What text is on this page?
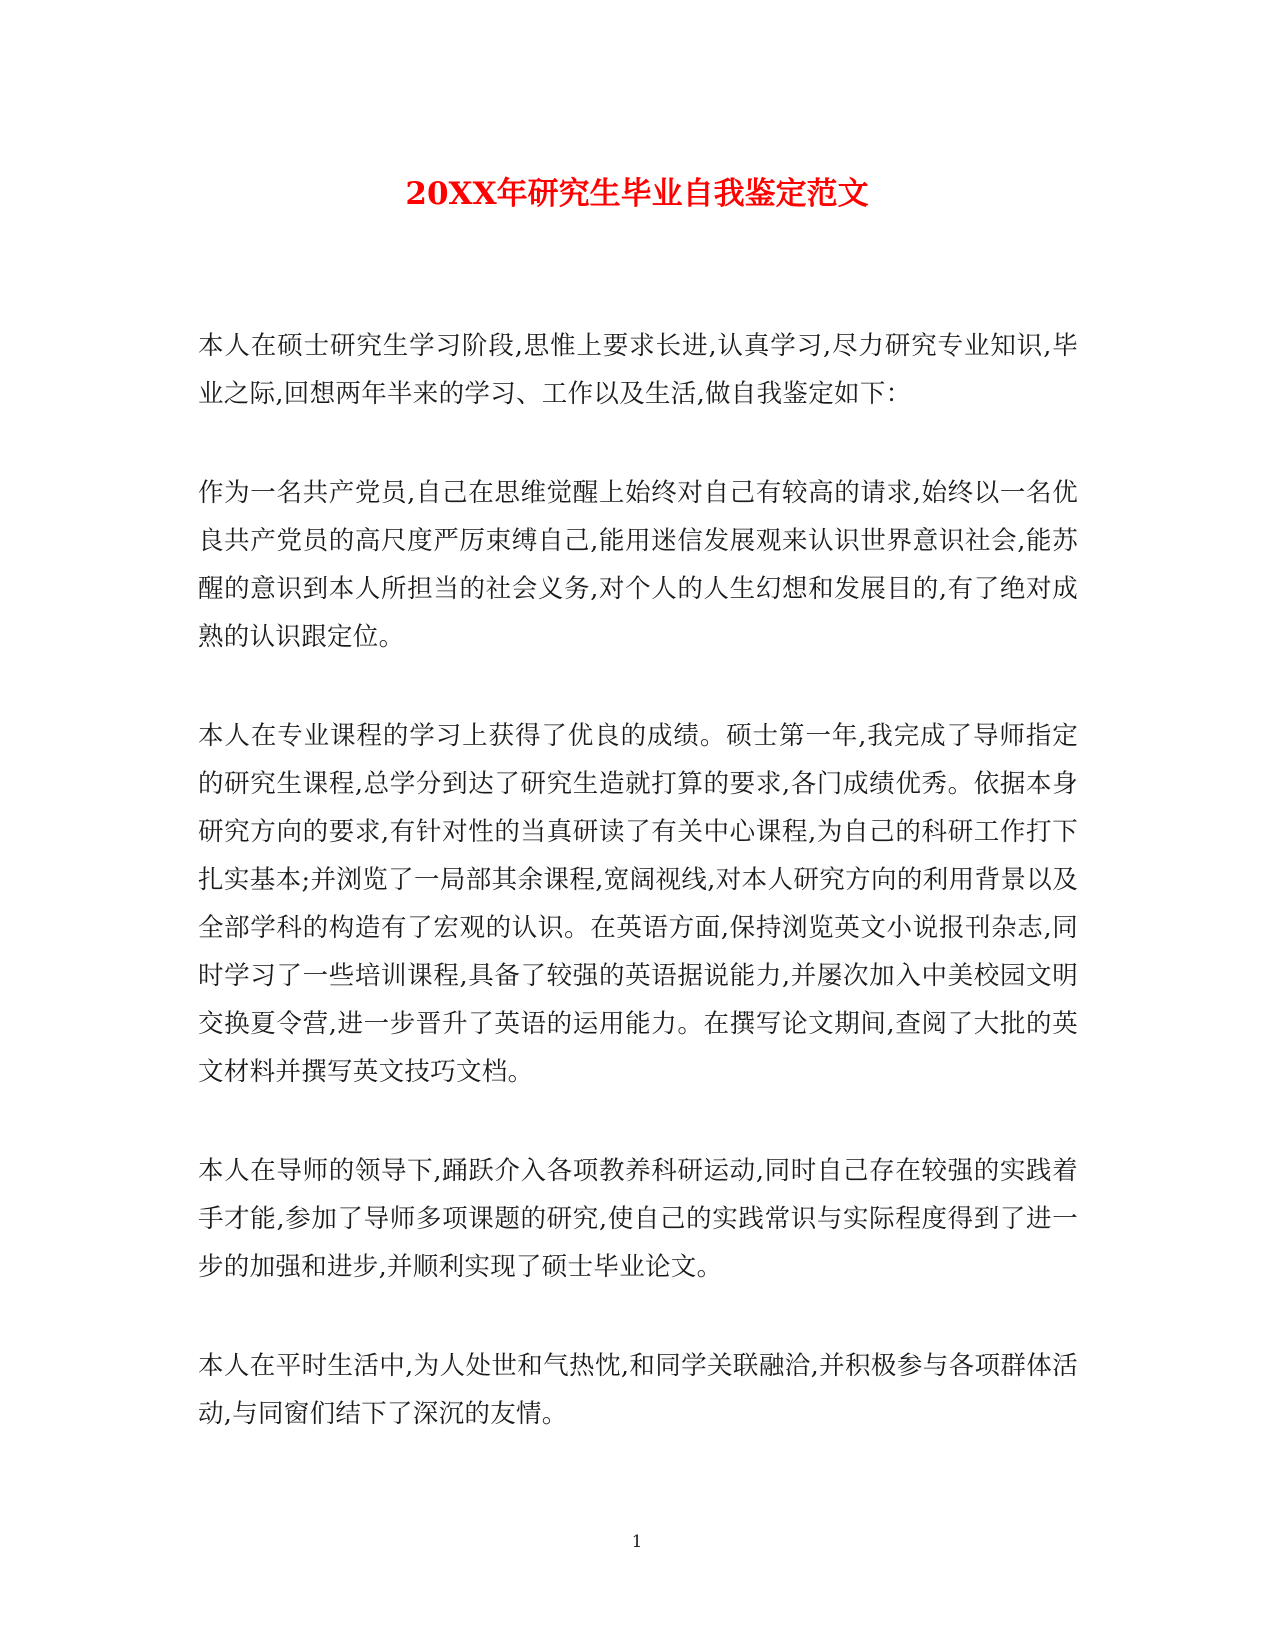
20XX年研究生毕业自我鉴定范文

本人在硕士研究生学习阶段,思惟上要求长进,认真学习,尽力研究专业知识,毕业之际,回想两年半来的学习、工作以及生活,做自我鉴定如下：

作为一名共产党员,自己在思维觉醒上始终对自己有较高的请求,始终以一名优良共产党员的高尺度严厉束缚自己,能用迷信发展观来认识世界意识社会,能苏醒的意识到本人所担当的社会义务,对个人的人生幻想和发展目的,有了绝对成熟的认识跟定位。

本人在专业课程的学习上获得了优良的成绩。硕士第一年,我完成了导师指定的研究生课程,总学分到达了研究生造就打算的要求,各门成绩优秀。依据本身研究方向的要求,有针对性的当真研读了有关中心课程,为自己的科研工作打下扎实基本;并浏览了一局部其余课程,宽阔视线,对本人研究方向的利用背景以及全部学科的构造有了宏观的认识。在英语方面,保持浏览英文小说报刊杂志,同时学习了一些培训课程,具备了较强的英语据说能力,并屡次加入中美校园文明交换夏令营,进一步晋升了英语的运用能力。在撰写论文期间,查阅了大批的英文材料并撰写英文技巧文档。

本人在导师的领导下,踊跃介入各项教养科研运动,同时自己存在较强的实践着手才能,参加了导师多项课题的研究,使自己的实践常识与实际程度得到了进一步的加强和进步,并顺利实现了硕士毕业论文。

本人在平时生活中,为人处世和气热忱,和同学关联融洽,并积极参与各项群体活动,与同窗们结下了深沉的友情。

1
